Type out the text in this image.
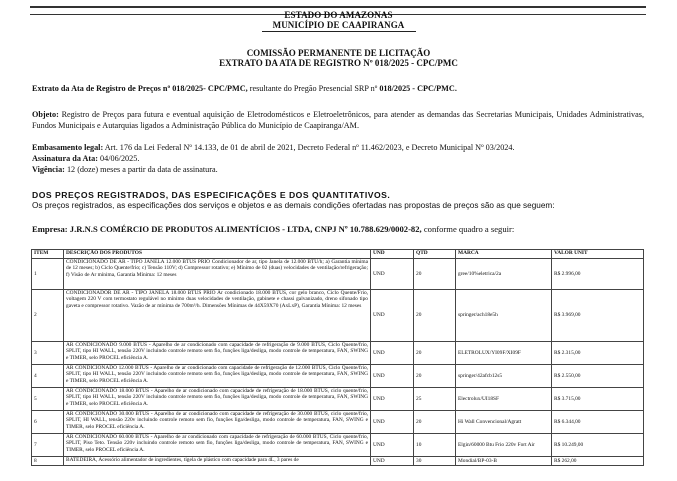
ESTADO DO AMAZONAS
MUNICÍPIO DE CAAPIRANGA
COMISSÃO PERMANENTE DE LICITAÇÃO
EXTRATO DA ATA DE REGISTRO Nº 018/2025 - CPC/PMC
Extrato da Ata de Registro de Preços nº 018/2025- CPC/PMC, resultante do Pregão Presencial SRP nº 018/2025 - CPC/PMC.
Objeto: Registro de Preços para futura e eventual aquisição de Eletrodomésticos e Eletroeletrônicos, para atender as demandas das Secretarias Municipais, Unidades Administrativas, Fundos Municipais e Autarquias ligados a Administração Pública do Município de Caapiranga/AM.
Embasamento legal: Art. 176 da Lei Federal Nº 14.133, de 01 de abril de 2021, Decreto Federal nº 11.462/2023, e Decreto Municipal Nº 03/2024.
Assinatura da Ata: 04/06/2025.
Vigência: 12 (doze) meses a partir da data de assinatura.
DOS PREÇOS REGISTRADOS, DAS ESPECIFICAÇÕES E DOS QUANTITATIVOS.
Os preços registrados, as especificações dos serviços e objetos e as demais condições ofertadas nas propostas de preços são as que seguem:
Empresa: J.R.N.S COMÉRCIO DE PRODUTOS ALIMENTÍCIOS - LTDA, CNPJ Nº 10.788.629/0002-82, conforme quadro a seguir:
ITEM	DESCRIÇÃO DOS PRODUTOS	UND	QTD	MARCA	VALOR UNIT
1	CONDICIONADO DE AR - TIPO JANELA 12.000 BTUS PRIO Condicionador de ar, tipo Janela de 12.000 BTU/h; a) Garantia mínima de 12 meses; b) Ciclo Quente/frio; c) Tensão 110V; d) Compressor rotativo; e) Mínimo de 02 (duas) velocidades de ventilação/refrigeração; f) Visão de Ar mínima, Garantia Mínima: 12 meses	UND	20	gree/10%eletrica/2a	R$ 2.996,00
2	CONDICIONADOR DE AR - TIPO JANELA 18.000 BTUS PRIO Ar condicionado 18.000 BTUS, cor gelo branco, Ciclo Quente/Frio, voltagem 220 V com termostato regulável no mínimo duas velocidades de ventilação, gabinete e chassi galvanizado, dreno sifonado tipo gaveta e compressor rotativo. Vazão de ar mínima de 700m³/h. Dimensões Mínimas de 44X59X70 (AxLxP), Garantia Mínima: 12 meses	UND	20	springer/ach18e5h	R$ 3.969,00
3	AR CONDICIONADO 9.000 BTUS - Aparelho de ar condicionado com capacidade de refrigeração de 9.000 BTUS, Ciclo Quente/frio, SPLIT, tipo HI WALL, tensão 220V incluindo controle remoto sem fio, funções liga/desliga, modo controle de temperatura, FAN, SWING e TIMER, selo PROCEL eficiência A.	UND	20	ELETROLUX/YI09F/XI09F	R$ 2.315,00
4	AR CONDICIONADO 12.000 BTUS - Aparelho de ar condicionado com capacidade de refrigeração de 12.000 BTUS, Ciclo Quente/frio, SPLIT, tipo HI WALL, tensão 220V incluindo controle remoto sem fio, funções liga/desliga, modo controle de temperatura, FAN, SWING e TIMER, selo PROCEL eficiência A.	UND	20	springer/42afcb12s5	R$ 2.550,00
5	AR CONDICIONADO 18.000 BTUS - Aparelho de ar condicionado com capacidade de refrigeração de 18.000 BTUS, ciclo quente/frio, SPLIT, tipo HI WALL, tensão 220V incluindo controle remoto sem fio, funções liga/desliga, modo controle de temperatura, FAN, SWING e TIMER, selo PROCEL eficiência A.	UND	25	Electrolux/UI18SF	R$ 3.715,00
6	AR CONDICIONADO 30.000 BTUS - Aparelho de ar condicionado com capacidade de refrigeração de 30.000 BTUS, ciclo quente/frio, SPLIT, HI WALL, tensão 220v incluindo controle remoto sem fio, funções liga/desliga, modo controle de temperatura, FAN, SWING e TIMER, selo PROCEL eficiência A.	UND	20	Hi Wall Convencional/Agratt	R$ 6.344,00
7	AR CONDICIONADO 60.000 BTUS - Aparelho de ar condicionado com capacidade de refrigeração de 60.000 BTUS, Ciclo quente/frio, SPLIT, Piso Teto. Tensão 220v incluindo controle remoto sem fio, funções liga/desliga, modo controle de temperatura, FAN, SWING e TIMER, selo PROCEL eficiência A.	UND	10	Elgin/60000 Btu Frio 220v Fort Air	R$ 10.249,00
8	BATEDEIRA, Acessório alimentador de ingredientes, tigela de plástico com capacidade para 4L, 3 pares de	UND	30	Mondial/BP-03-B	R$ 262,00
